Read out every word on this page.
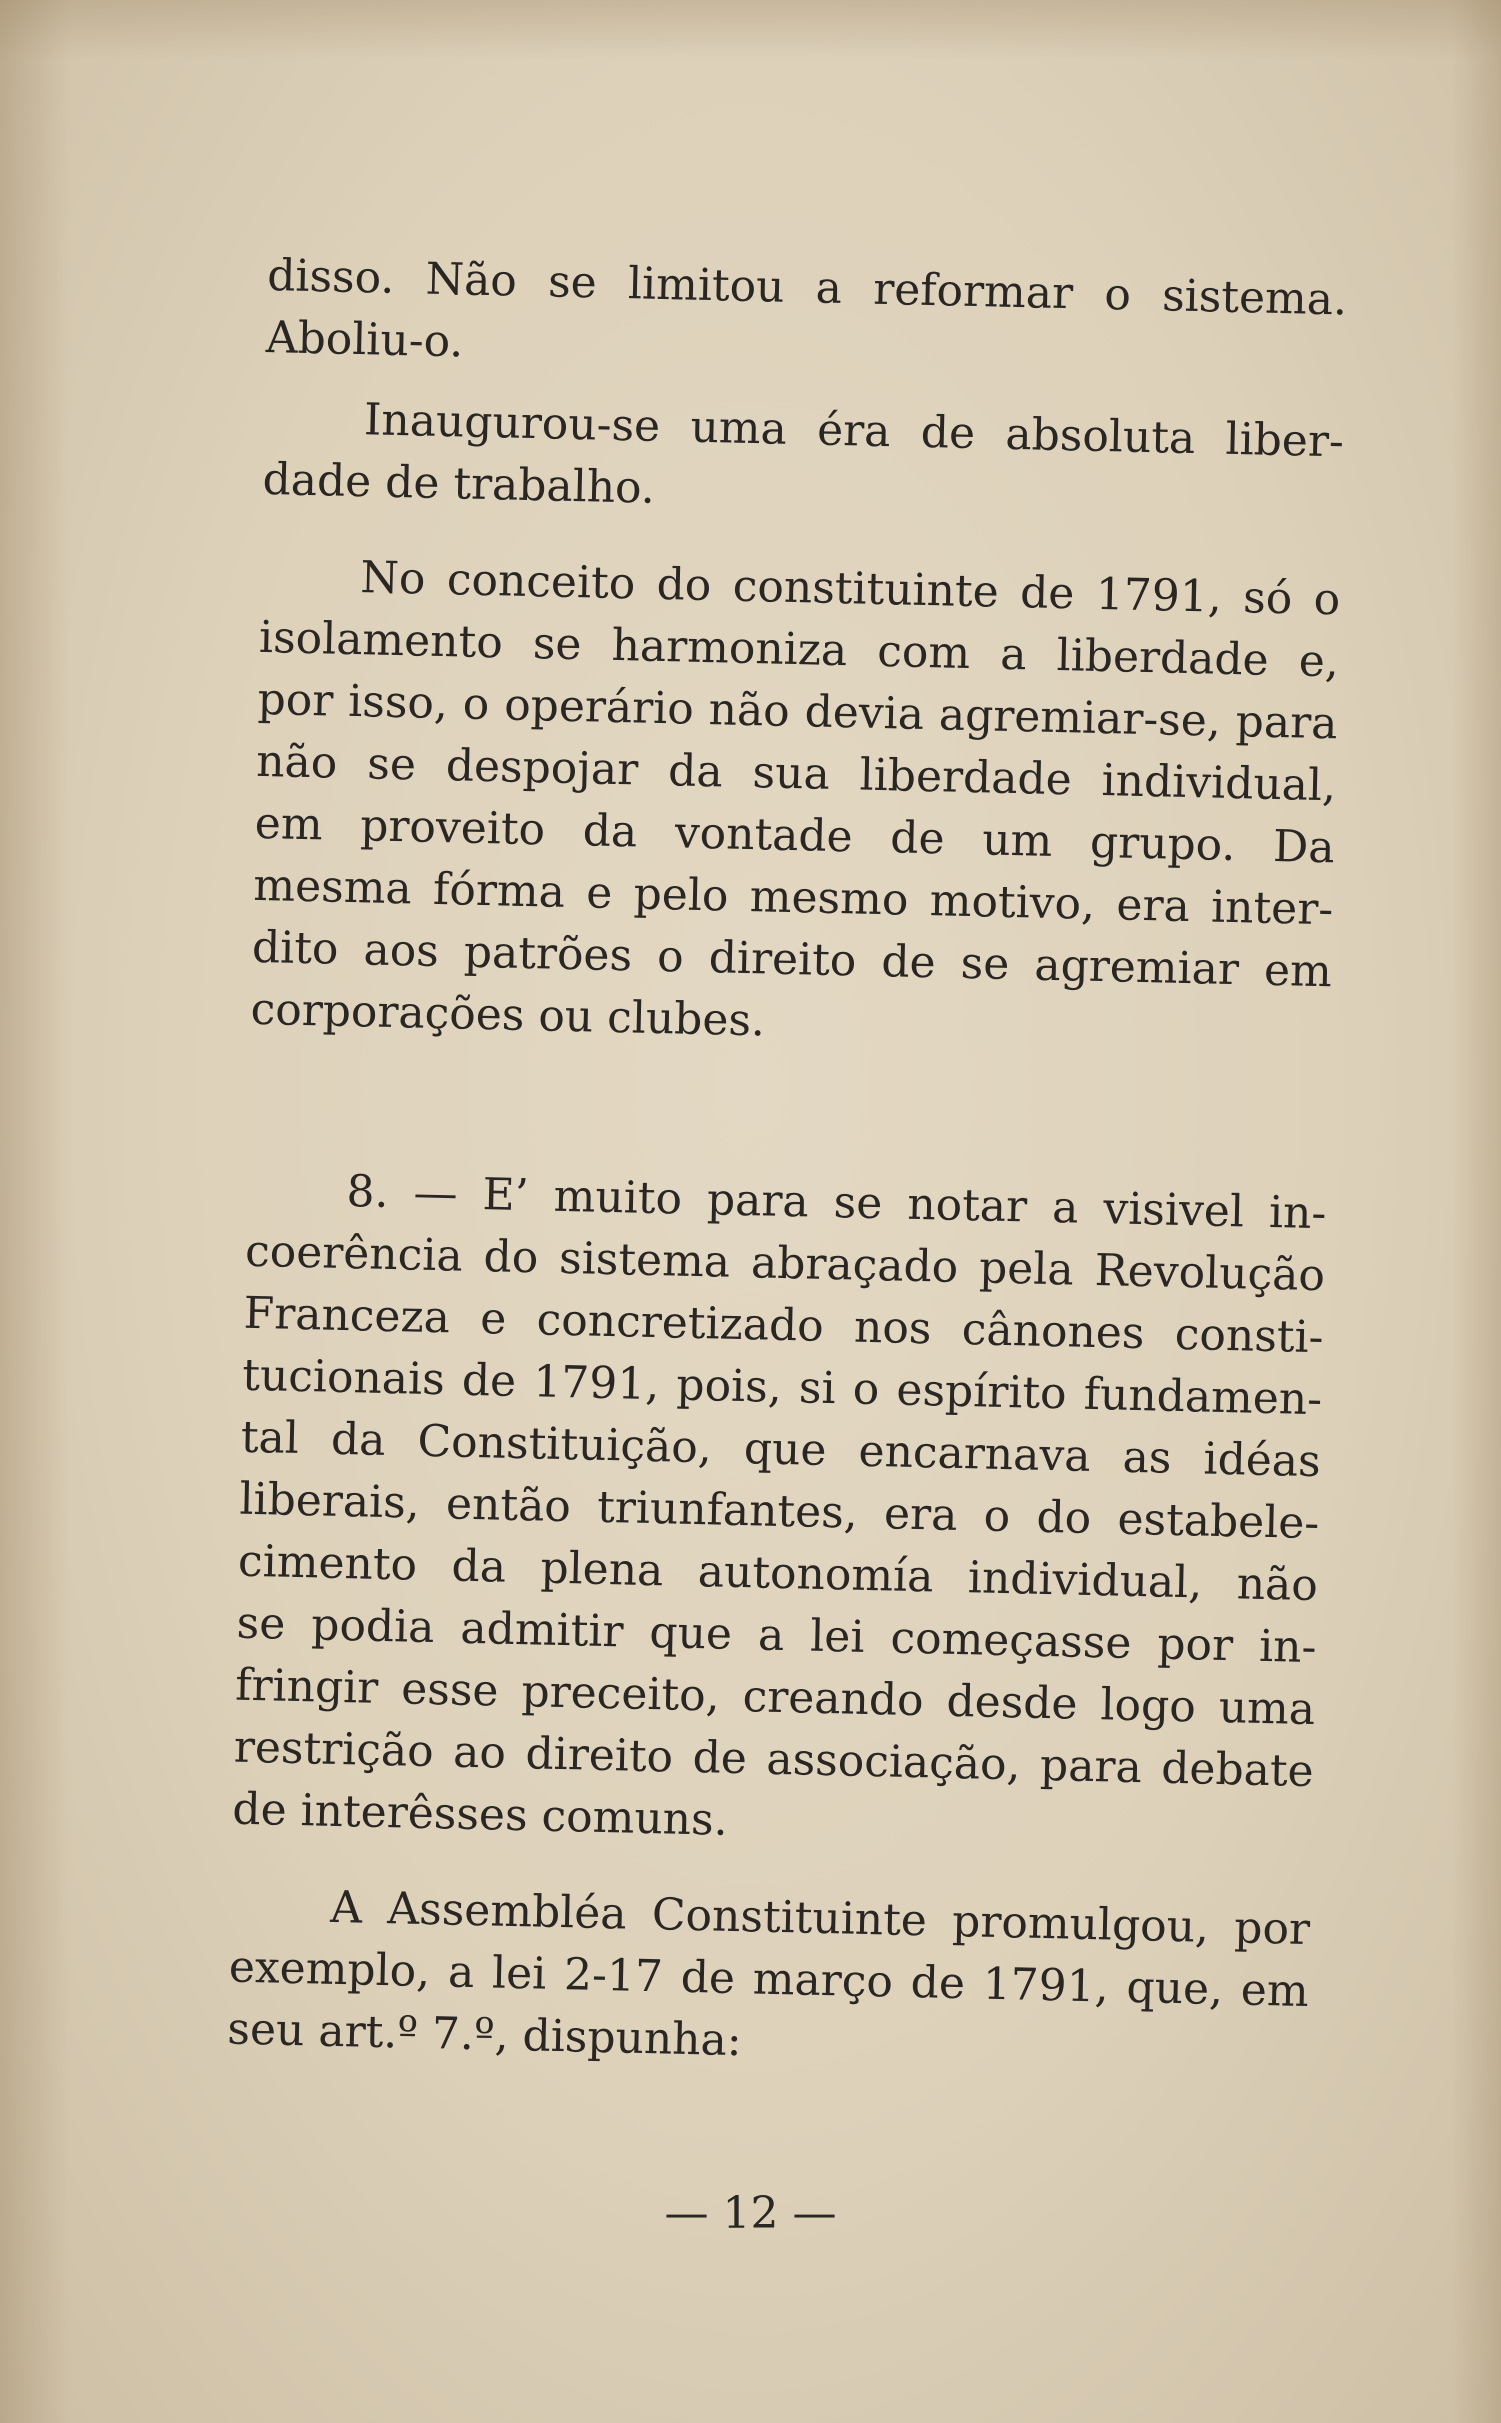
disso. Não se limitou a reformar o sistema.
Aboliu-o.
Inaugurou-se uma éra de absoluta liber-
dade de trabalho.
No conceito do constituinte de 1791, só o
isolamento se harmoniza com a liberdade e,
por isso, o operário não devia agremiar-se, para
não se despojar da sua liberdade individual,
em proveito da vontade de um grupo. Da
mesma fórma e pelo mesmo motivo, era inter-
dito aos patrões o direito de se agremiar em
corporações ou clubes.
8. — E’ muito para se notar a visivel in-
coerência do sistema abraçado pela Revolução
Franceza e concretizado nos cânones consti-
tucionais de 1791, pois, si o espírito fundamen-
tal da Constituição, que encarnava as idéas
liberais, então triunfantes, era o do estabele-
cimento da plena autonomía individual, não
se podia admitir que a lei começasse por in-
fringir esse preceito, creando desde logo uma
restrição ao direito de associação, para debate
de interêsses comuns.
A Assembléa Constituinte promulgou, por
exemplo, a lei 2-17 de março de 1791, que, em
seu art.º 7.º, dispunha:
— 12 —
